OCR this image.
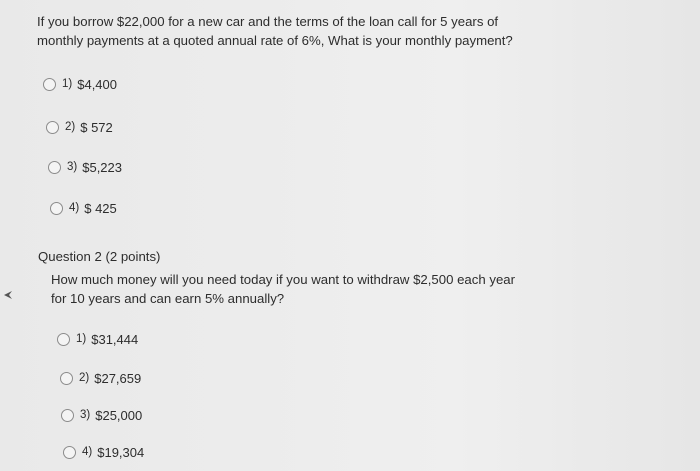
If you borrow $22,000 for a new car and the terms of the loan call for 5 years of monthly payments at a quoted annual rate of 6%, What is your monthly payment?

1) $4,400
2) $ 572
3) $5,223
4) $ 425
Question 2 (2 points)

How much money will you need today if you want to withdraw $2,500 each year for 10 years and can earn 5% annually?

1) $31,444
2) $27,659
3) $25,000
4) $19,304
